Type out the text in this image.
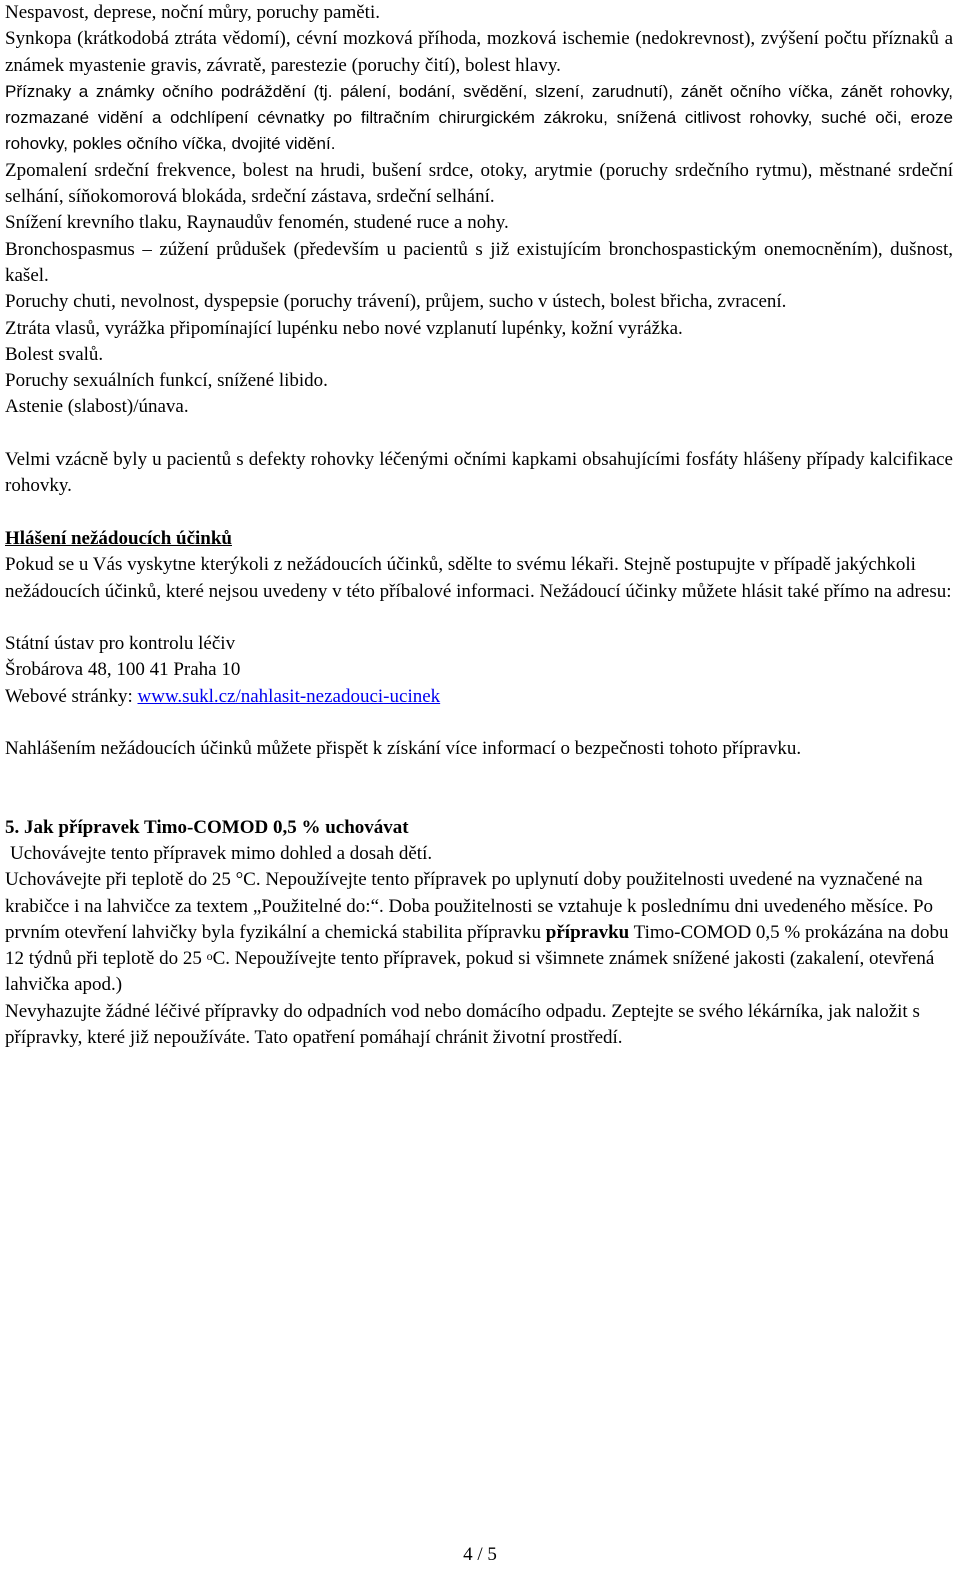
Nespavost, deprese, noční můry, poruchy paměti.

Synkopa (krátkodobá ztráta vědomí), cévní mozková příhoda, mozková ischemie (nedokrevnost), zvýšení počtu příznaků a známek myastenie gravis, závratě, parestezie (poruchy čití), bolest hlavy.

Příznaky a známky očního podráždění (tj. pálení, bodání, svědění, slzení, zarudnutí), zánět očního víčka, zánět rohovky, rozmazané vidění a odchlípení cévnatky po filtračním chirurgickém zákroku, snížená citlivost rohovky, suché oči, eroze rohovky, pokles očního víčka, dvojité vidění.

Zpomalení srdeční frekvence, bolest na hrudi, bušení srdce, otoky, arytmie (poruchy srdečního rytmu), městnané srdeční selhání, síňokomorová blokáda, srdeční zástava, srdeční selhání.

Snížení krevního tlaku, Raynaudův fenomén, studené ruce a nohy.

Bronchospasmus – zúžení průdušek (především u pacientů s již existujícím bronchospastickým onemocněním), dušnost, kašel.

Poruchy chuti, nevolnost, dyspepsie (poruchy trávení), průjem, sucho v ústech, bolest břicha, zvracení.

Ztráta vlasů, vyrážka připomínající lupénku nebo nové vzplanutí lupénky, kožní vyrážka.

Bolest svalů.

Poruchy sexuálních funkcí, snížené libido.

Astenie (slabost)/únava.

Velmi vzácně byly u pacientů s defekty rohovky léčenými očními kapkami obsahujícími fosfáty hlášeny případy kalcifikace rohovky.

Hlášení nežádoucích účinků

Pokud se u Vás vyskytne kterýkoli z nežádoucích účinků, sdělte to svému lékaři. Stejně postupujte v případě jakýchkoli nežádoucích účinků, které nejsou uvedeny v této příbalové informaci. Nežádoucí účinky můžete hlásit také přímo na adresu:

Státní ústav pro kontrolu léčiv

Šrobárova 48, 100 41 Praha 10

Webové stránky: www.sukl.cz/nahlasit-nezadouci-ucinek

Nahlášením nežádoucích účinků můžete přispět k získání více informací o bezpečnosti tohoto přípravku.

5. Jak přípravek Timo-COMOD 0,5 % uchovávat

Uchovávejte tento přípravek mimo dohled a dosah dětí.

Uchovávejte při teplotě do 25 °C. Nepoužívejte tento přípravek po uplynutí doby použitelnosti uvedené na vyznačené na krabičce i na lahvičce za textem „Použitelné do:“. Doba použitelnosti se vztahuje k poslednímu dni uvedeného měsíce. Po prvním otevření lahvičky byla fyzikální a chemická stabilita přípravku přípravku Timo-COMOD 0,5 % prokázána na dobu 12 týdnů při teplotě do 25 $^o$C. Nepoužívejte tento přípravek, pokud si všimnete známek snížené jakosti (zakalení, otevřená lahvička apod.)

Nevyhazujte žádné léčivé přípravky do odpadních vod nebo domácího odpadu. Zeptejte se svého lékárníka, jak naložit s přípravky, které již nepoužíváte. Tato opatření pomáhají chránit životní prostředí.

4 / 5
